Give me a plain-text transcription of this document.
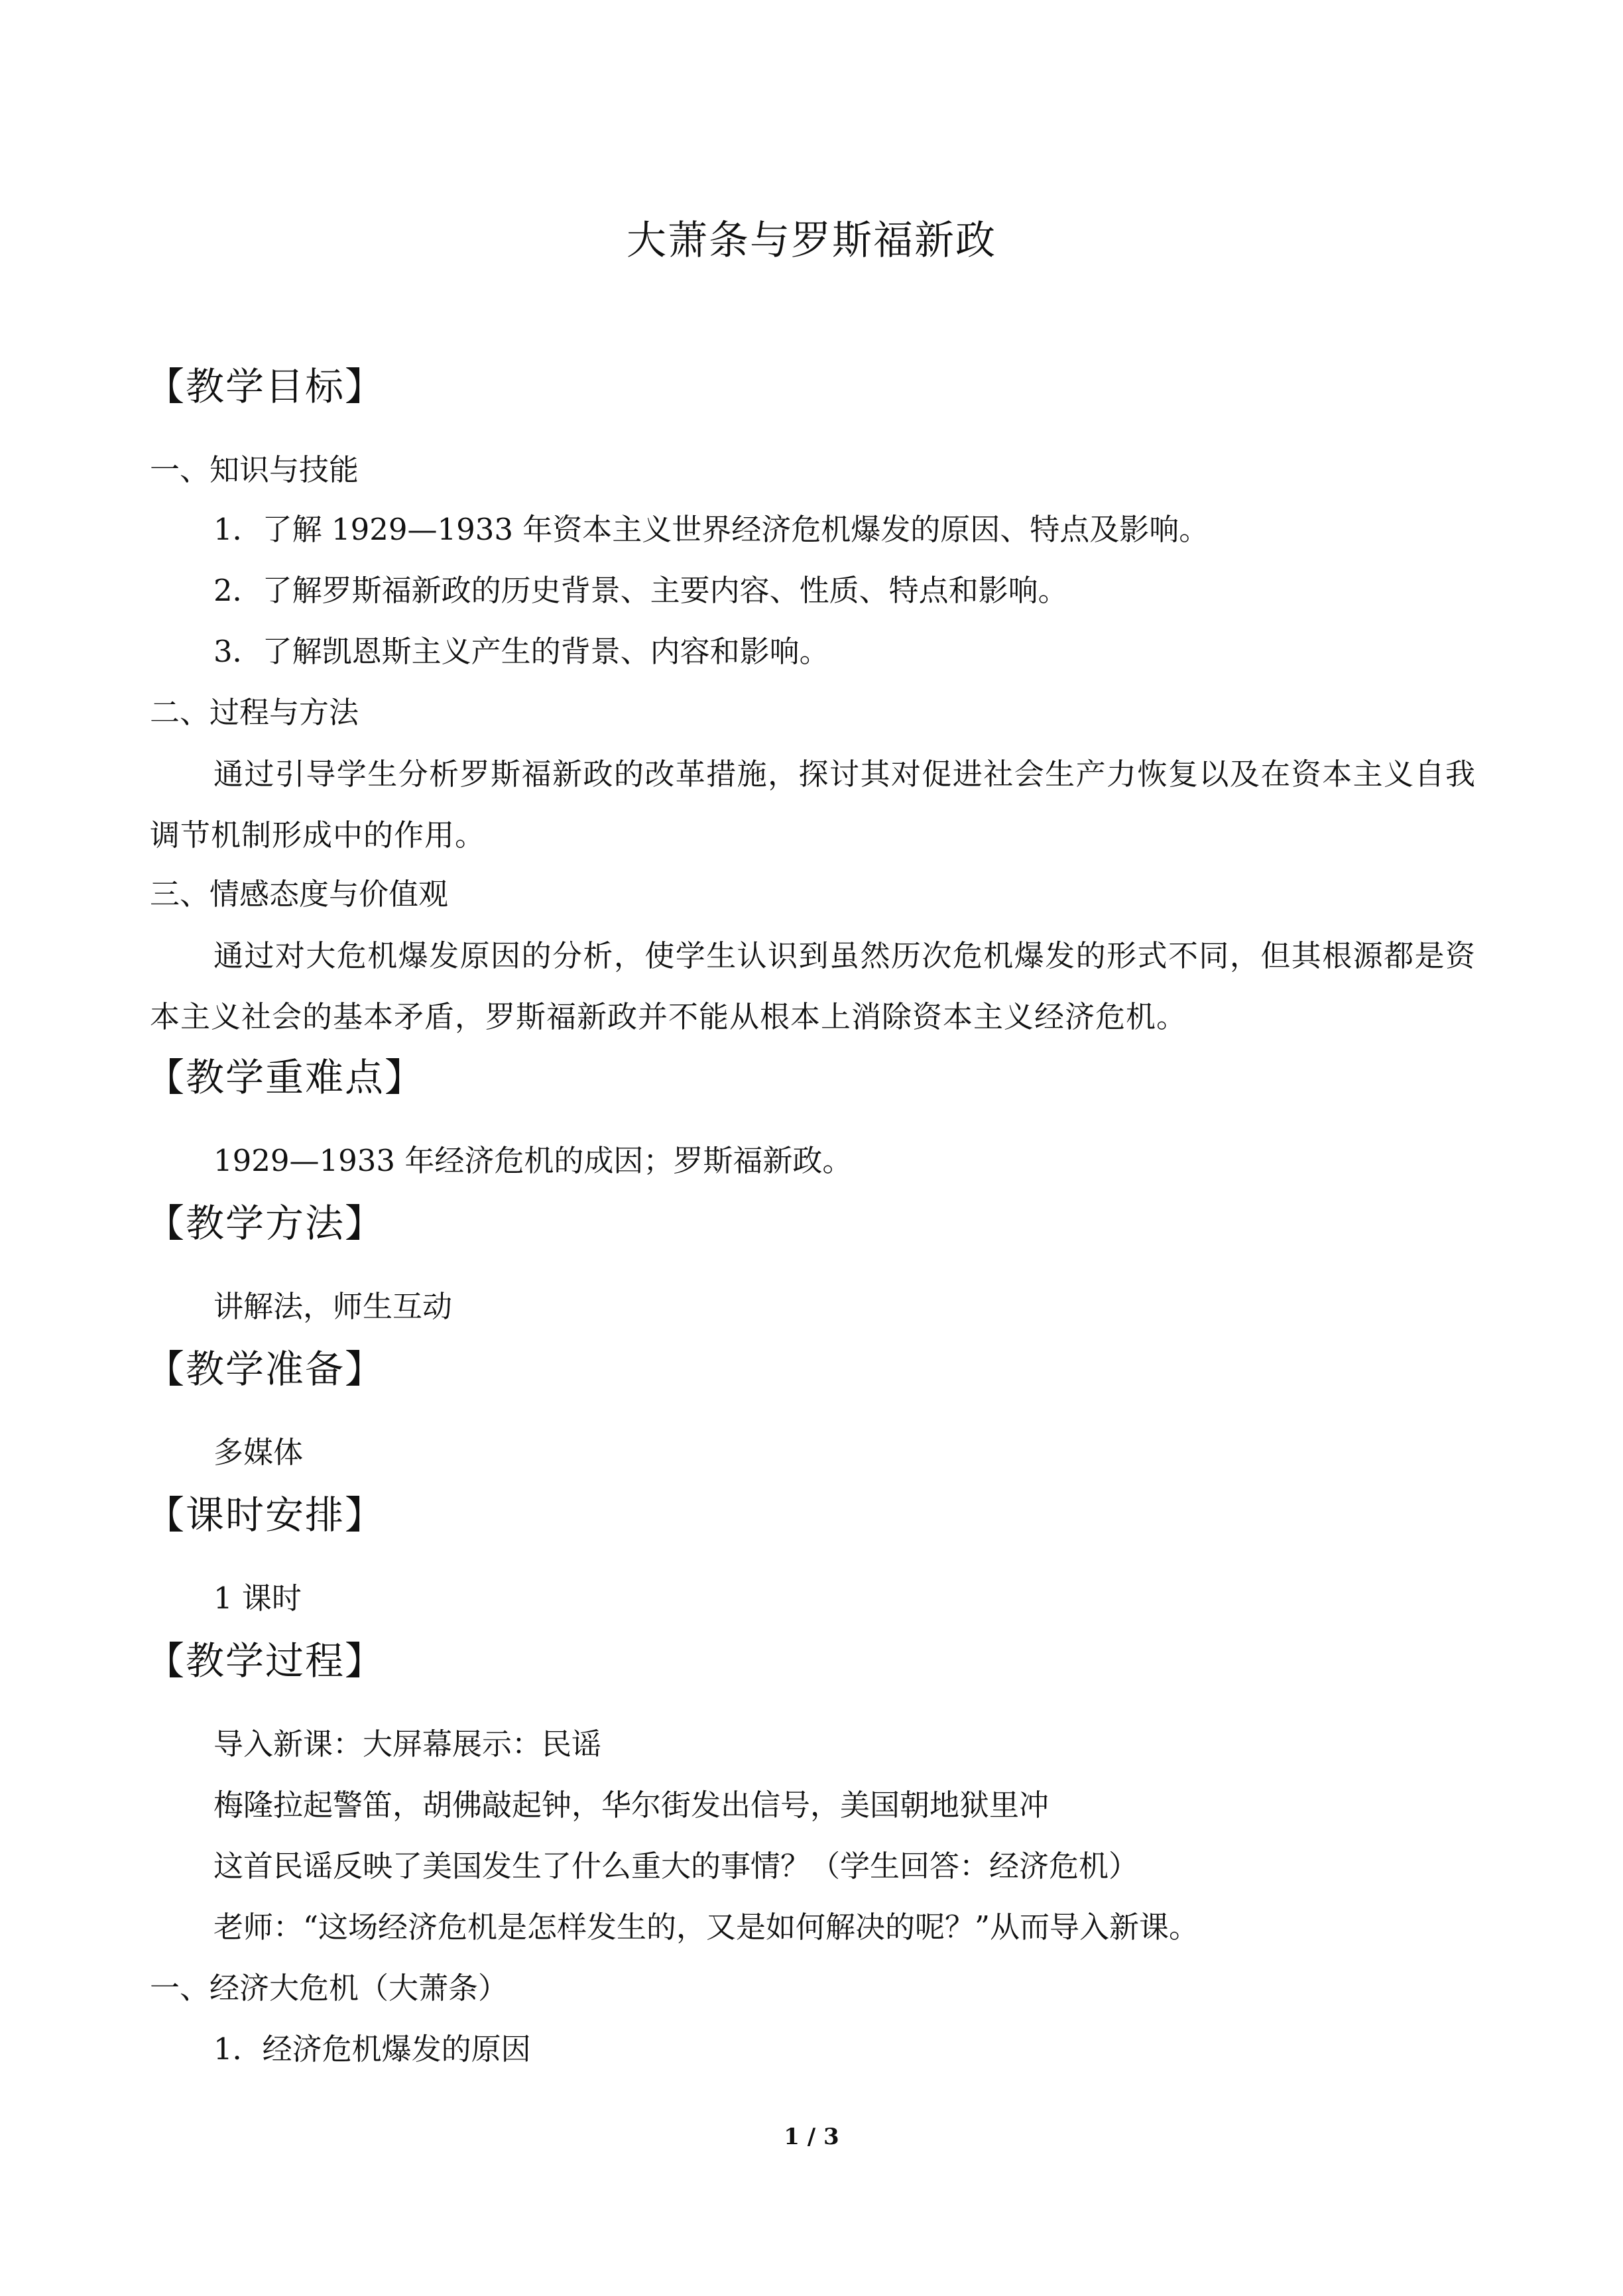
大萧条与罗斯福新政
【教学目标】
一、知识与技能
1．了解 1929—1933 年资本主义世界经济危机爆发的原因、特点及影响。
2．了解罗斯福新政的历史背景、主要内容、性质、特点和影响。
3．了解凯恩斯主义产生的背景、内容和影响。
二、过程与方法
通过引导学生分析罗斯福新政的改革措施，探讨其对促进社会生产力恢复以及在资本主义自我调节机制形成中的作用。
三、情感态度与价值观
通过对大危机爆发原因的分析，使学生认识到虽然历次危机爆发的形式不同，但其根源都是资本主义社会的基本矛盾，罗斯福新政并不能从根本上消除资本主义经济危机。
【教学重难点】
1929—1933 年经济危机的成因；罗斯福新政。
【教学方法】
讲解法，师生互动
【教学准备】
多媒体
【课时安排】
1 课时
【教学过程】
导入新课：大屏幕展示：民谣
梅隆拉起警笛，胡佛敲起钟，华尔街发出信号，美国朝地狱里冲
这首民谣反映了美国发生了什么重大的事情？（学生回答：经济危机）
老师：“这场经济危机是怎样发生的，又是如何解决的呢？”从而导入新课。
一、经济大危机（大萧条）
1．经济危机爆发的原因
1 / 3
